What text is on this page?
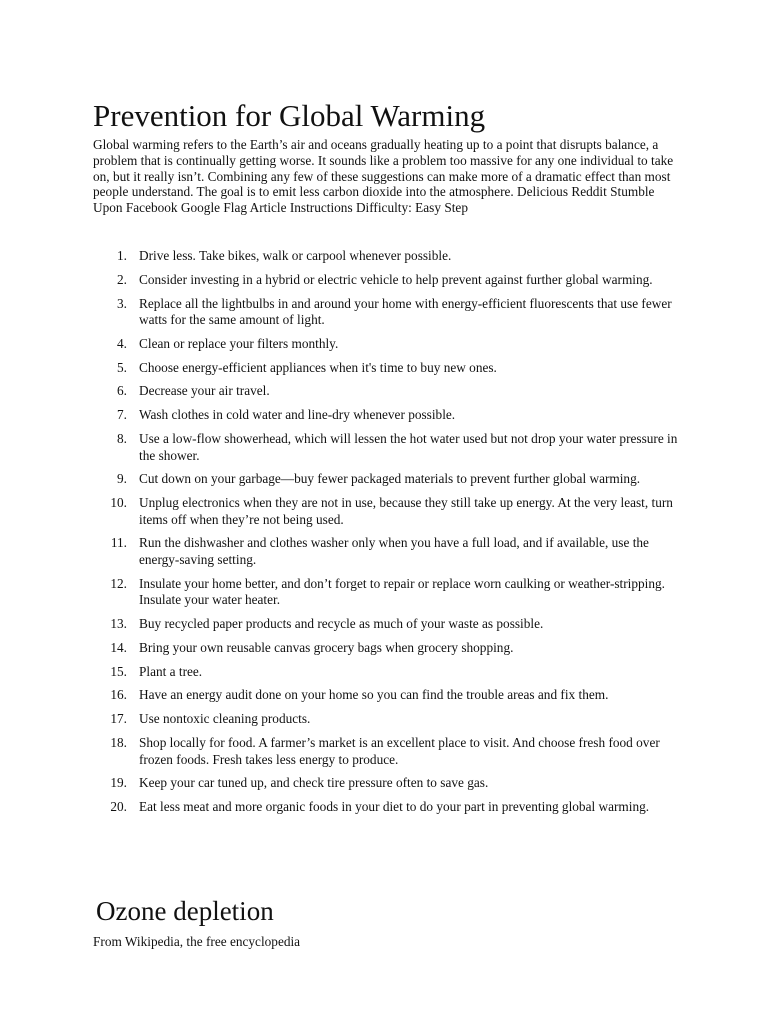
Prevention for Global Warming

Global warming refers to the Earth’s air and oceans gradually heating up to a point that disrupts balance, a problem that is continually getting worse. It sounds like a problem too massive for any one individual to take on, but it really isn’t. Combining any few of these suggestions can make more of a dramatic effect than most people understand. The goal is to emit less carbon dioxide into the atmosphere. Delicious Reddit Stumble Upon Facebook Google Flag Article Instructions Difficulty: Easy Step

1. Drive less. Take bikes, walk or carpool whenever possible.
2. Consider investing in a hybrid or electric vehicle to help prevent against further global warming.
3. Replace all the lightbulbs in and around your home with energy-efficient fluorescents that use fewer watts for the same amount of light.
4. Clean or replace your filters monthly.
5. Choose energy-efficient appliances when it's time to buy new ones.
6. Decrease your air travel.
7. Wash clothes in cold water and line-dry whenever possible.
8. Use a low-flow showerhead, which will lessen the hot water used but not drop your water pressure in the shower.
9. Cut down on your garbage—buy fewer packaged materials to prevent further global warming.
10. Unplug electronics when they are not in use, because they still take up energy. At the very least, turn items off when they’re not being used.
11. Run the dishwasher and clothes washer only when you have a full load, and if available, use the energy-saving setting.
12. Insulate your home better, and don’t forget to repair or replace worn caulking or weather-stripping. Insulate your water heater.
13. Buy recycled paper products and recycle as much of your waste as possible.
14. Bring your own reusable canvas grocery bags when grocery shopping.
15. Plant a tree.
16. Have an energy audit done on your home so you can find the trouble areas and fix them.
17. Use nontoxic cleaning products.
18. Shop locally for food. A farmer’s market is an excellent place to visit. And choose fresh food over frozen foods. Fresh takes less energy to produce.
19. Keep your car tuned up, and check tire pressure often to save gas.
20. Eat less meat and more organic foods in your diet to do your part in preventing global warming.
Ozone depletion

From Wikipedia, the free encyclopedia
